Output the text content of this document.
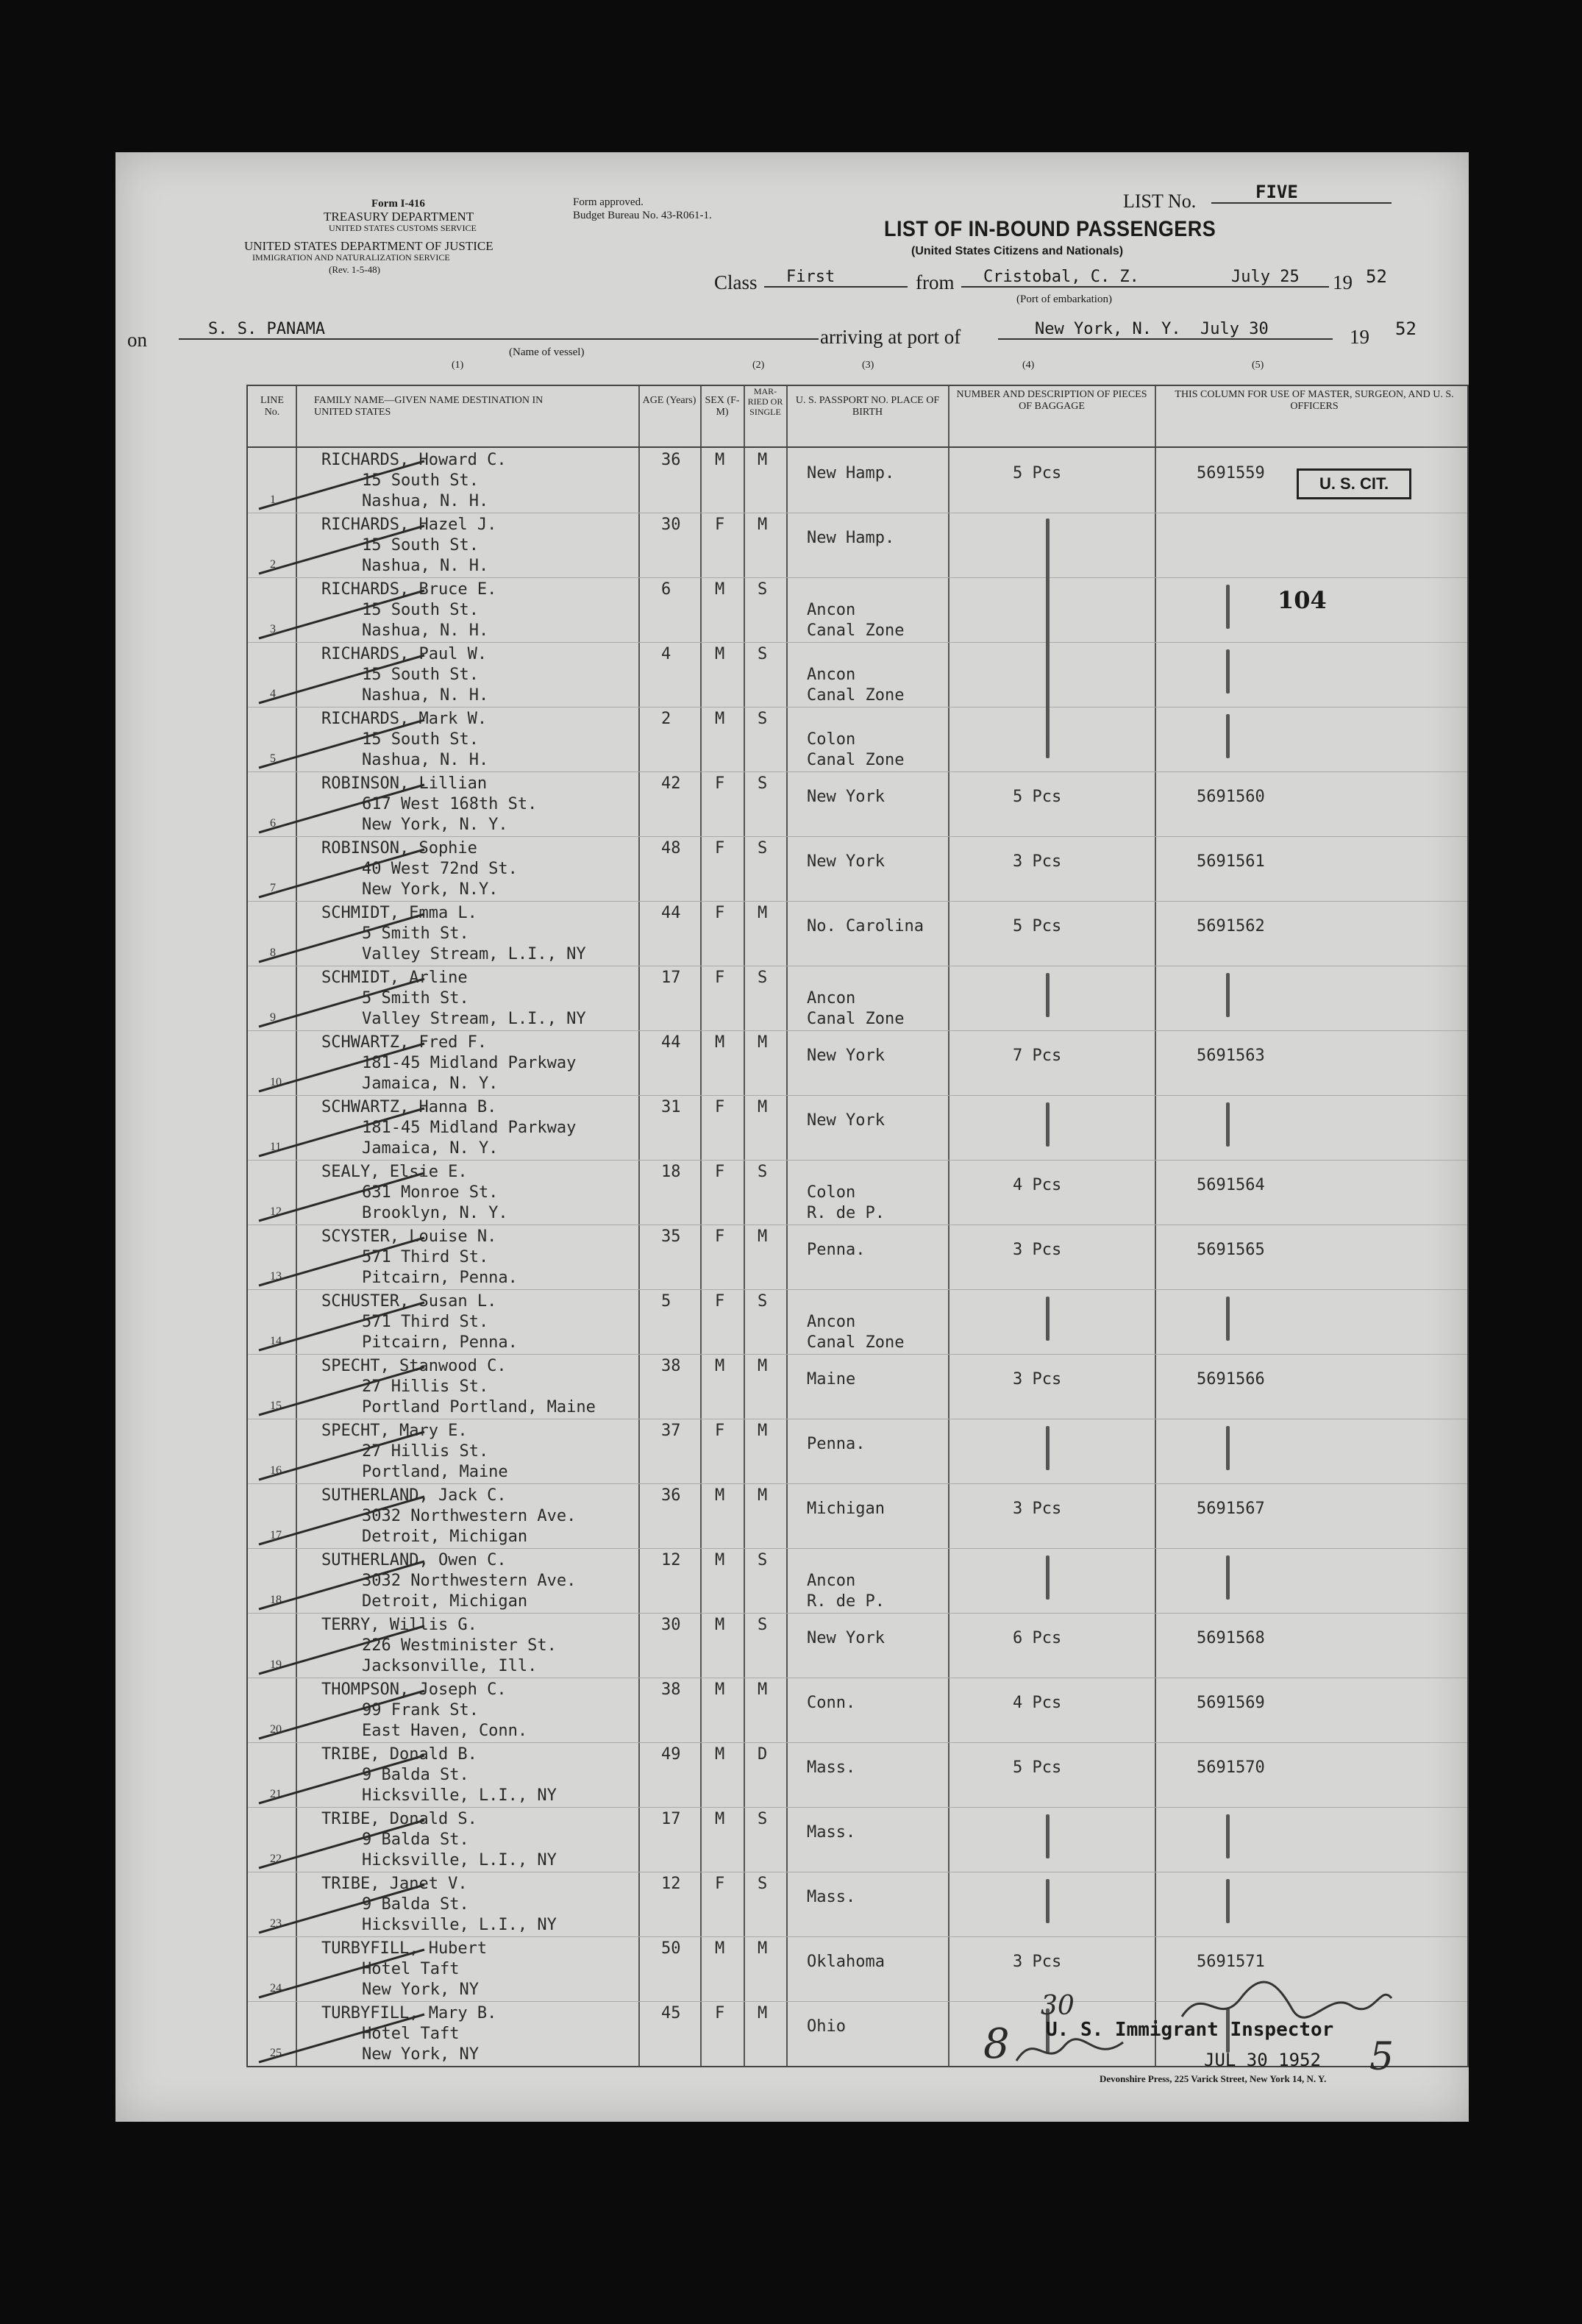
Form I-416
TREASURY DEPARTMENT
UNITED STATES CUSTOMS SERVICE
UNITED STATES DEPARTMENT OF JUSTICE
IMMIGRATION AND NATURALIZATION SERVICE
(Rev. 1-5-48)
Form approved.
Budget Bureau No. 43-R061-1.
LIST No.	FIVE
LIST OF IN-BOUND PASSENGERS
(United States Citizens and Nationals)
Class	First	from	Cristobal, C. Z.	July 25 19 52
(Port of embarkation)
on	S. S. PANAMA
(Name of vessel)
arriving at port of	New York, N. Y.	July 30	19 52
(1)	(2)	(3)	(4)	(5)
LINE No.
FAMILY NAME—GIVEN NAME DESTINATION IN UNITED STATES
AGE (Years) SEX (F-M)
MAR-RIED OR SINGLE
U. S. PASSPORT NO. PLACE OF BIRTH
NUMBER AND DESCRIPTION OF PIECES OF BAGGAGE
THIS COLUMN FOR USE OF MASTER, SURGEON, AND U. S. OFFICERS
1
RICHARDS, Howard C.
15 South St.
Nashua, N. H.
36 M M
New Hamp.	5 Pcs	5691559
2
RICHARDS, Hazel J.
15 South St.
Nashua, N. H.
30 F M
New Hamp.
3
RICHARDS, Bruce E.
15 South St.
Nashua, N. H.
6	M S
Ancon
Canal Zone
4
RICHARDS, Paul W.
15 South St.
Nashua, N. H.
4	M S
Ancon
Canal Zone
5
RICHARDS, Mark W.
15 South St.
Nashua, N. H.
2	M S
Colon
Canal Zone
6
ROBINSON, Lillian
617 West 168th St.
New York, N. Y.
42 F S
New York	5 Pcs	5691560
7
ROBINSON, Sophie
40 West 72nd St.
New York, N.Y.
48 F S
New York	3 Pcs	5691561
8
SCHMIDT, Emma L.
5 Smith St.
Valley Stream, L.I., NY
44 F M
No. Carolina	5 Pcs	5691562
9
SCHMIDT, Arline
5 Smith St.
Valley Stream, L.I., NY
17 F S
Ancon
Canal Zone
10
SCHWARTZ, Fred F.
181-45 Midland Parkway
Jamaica, N. Y.
44 M M
New York	7 Pcs	5691563
11
SCHWARTZ, Hanna B.
181-45 Midland Parkway
Jamaica, N. Y.
31 F M
New York
12
SEALY, Elsie E.
631 Monroe St.
Brooklyn, N. Y.
18 F S
Colon
R. de P.
4 Pcs	5691564
13
SCYSTER, Louise N.
571 Third St.
Pitcairn, Penna.
35 F M
Penna.	3 Pcs	5691565
14
SCHUSTER, Susan L.
571 Third St.
Pitcairn, Penna.
5	F S
Ancon
Canal Zone
15
SPECHT, Stanwood C.
27 Hillis St.
Portland Portland, Maine
38 M M
Maine	3 Pcs	5691566
16
SPECHT, Mary E.
27 Hillis St.
Portland, Maine
37 F M
Penna.
17
SUTHERLAND, Jack C.
3032 Northwestern Ave.
Detroit, Michigan
36 M M
Michigan	3 Pcs	5691567
18
SUTHERLAND, Owen C.
3032 Northwestern Ave.
Detroit, Michigan
12 M S
Ancon
R. de P.
19
TERRY, Willis G.
226 Westminister St.
Jacksonville, Ill.
30 M S
New York	6 Pcs	5691568
20
THOMPSON, Joseph C.
99 Frank St.
East Haven, Conn.
38 M M
Conn.	4 Pcs	5691569
21
TRIBE, Donald B.
9 Balda St.
Hicksville, L.I., NY
49 M D
Mass.	5 Pcs	5691570
22
TRIBE, Donald S.
9 Balda St.
Hicksville, L.I., NY
17 M S
Mass.
23
TRIBE, Janet V.
9 Balda St.
Hicksville, L.I., NY
12 F S
Mass.
24
TURBYFILL, Hubert
Hotel Taft
New York, NY
50 M M
Oklahoma	3 Pcs	5691571
25
TURBYFILL, Mary B.
Hotel Taft
New York, NY
45 F M
Ohio
U. S. CIT.
104
U. S. Immigrant Inspector
JUL 30 1952
30
8	5
Devonshire Press, 225 Varick Street, New York 14, N. Y.
